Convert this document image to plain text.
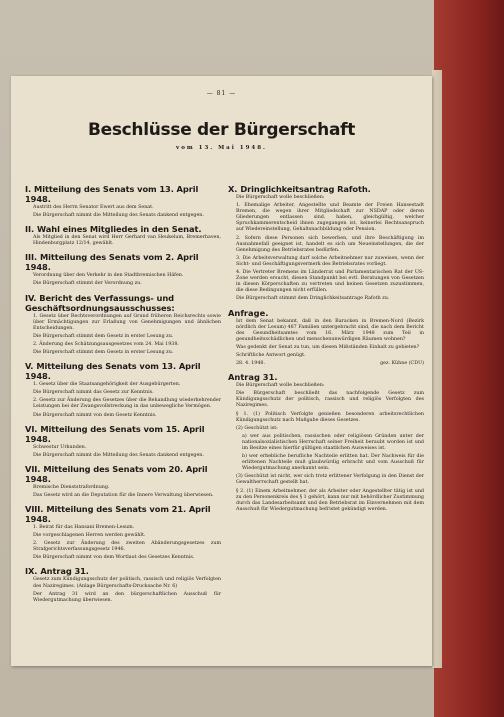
— 81 —
Beschlüsse der Bürgerschaft
vom 13. Mai 1948.
I. Mitteilung des Senats vom 13. April 1948.
Austritt des Herrn Senator Ewert aus dem Senat.
Die Bürgerschaft nimmt die Mitteilung des Senats dankend entgegen.
II. Wahl eines Mitgliedes in den Senat.
Als Mitglied in den Senat wird Herr Gerhard van Heukelum, Bremerhaven, Hindenburgplatz 12/14, gewählt.
III. Mitteilung des Senats vom 2. April 1948.
Verordnung über den Verkehr in den Stadtbremischen Häfen.
Die Bürgerschaft stimmt der Verordnung zu.
IV. Bericht des Verfassungs- und Geschäftsordnungsausschusses:
1. Gesetz über Rechtsverordnungen auf Grund früheren Reichsrechts sowie über Ermächtigungen zur Erlaßung von Genehmigungen und ähnlichen Entscheidungen.
Die Bürgerschaft stimmt dem Gesetz in erster Lesung zu.
2. Änderung des Schätzungsausgesetzes vom 24. Mai 1938.
Die Bürgerschaft stimmt dem Gesetz in erster Lesung zu.
V. Mitteilung des Senats vom 13. April 1948.
1. Gesetz über die Staatsangehörigkeit der Ausgebürgerten.
Die Bürgerschaft nimmt das Gesetz zur Kenntnis.
2. Gesetz zur Änderung des Gesetzes über die Behandlung wiederkehrender Leistungen bei der Zwangsvollstreckung in das unbewegliche Vermögen.
Die Bürgerschaft nimmt von dem Gesetz Kenntnis.
VI. Mitteilung des Senats vom 15. April 1948.
Schwestur Urkunden.
Die Bürgerschaft nimmt die Mitteilung des Senats dankend entgegen.
VII. Mitteilung des Senats vom 20. April 1948.
Bremische Dienststrafordnung.
Das Gesetz wird an die Deputation für die Innere Verwaltung überwiesen.
VIII. Mitteilung des Senats vom 21. April 1948.
1. Beirat für das Hansani Bremen-Lesum.
Die vorgeschlagenen Herren werden gewählt.
2. Gesetz zur Änderung des zweiten Abänderungsgesetzes zum Strafgerichtsverfassungsgesetz 1946.
Die Bürgerschaft nimmt von dem Wortlaut des Gesetzes Kenntnis.
IX. Antrag 31.
Gesetz zum Kündigungsschutz der politisch, rassisch und religiös Verfolgten des Naziregimes. (Anlage Bürgerschafts-Drucksache Nr. 6)
Der Antrag 31 wird an den bürgerschaftlichen Ausschuß für Wiedergutmachung überwiesen.
X. Dringlichkeitsantrag Rafoth.
Die Bürgerschaft wolle beschließen:
1. Ehemalige Arbeiter, Angestellte und Beamte der Freien Hansestadt Bremen, die wegen ihrer Mitgliedschaft zur NSDAP oder deren Gliederungen entlassen sind, haben, gleichgültig, welcher Spruchkammerentscheid ihnen zugegangen ist, keinerlei Rechtsanspruch auf Wiedereinstellung, Gehaltsnachbildung oder Pension.
2. Sofern diese Personen sich bewerben, und ihre Beschäftigung im Ausnahmefall geeignet ist, handelt es sich um Neueinstellungen, die der Genehmigung des Betriebsrates bedürfen.
3. Die Arbeitsverwaltung darf solche Arbeitnehmer nur zuweisen, wenn der Sicht- und Geschäftigungsvermerk des Betriebsrates vorliegt.
4. Die Vertreter Bremens im Länderrat und Parlamentarischen Rat der US-Zone werden ersucht, diesen Standpunkt bei evtl. Beratungen von Gesetzen in diesen Körperschaften zu vertreten und keinen Gesetzen zuzustimmen, die diese Bedingungen nicht erfüllen.
Die Bürgerschaft stimmt dem Dringlichkeitsantrage Rafoth zu.
Anfrage.
Ist dem Senat bekannt, daß in den Baracken in Bremen-Nord (Bezirk nördlich der Lesum) 487 Familien untergebracht sind, die nach dem Bericht des Gesundheitsamtes vom 16. März 1948 zum Teil in gesundheitsschädlichen und menschenunwürdigen Räumen wohnen?
Was gedenkt der Senat zu tun, um diesen Mißständen Einhalt zu gebieten?
Schriftliche Antwort genügt.
28. 4. 1948.	gez. Kühne (CDU)
Antrag 31.
Die Bürgerschaft wolle beschließen:
Die Bürgerschaft beschließt das nachfolgende Gesetz zum Kündigungsschutz der politisch, rassisch und religiös Verfolgten des Naziregimes.
§ 1. (1) Politisch Verfolgte genießen besonderen arbeitsrechtlichen Kündigungsschutz nach Maßgabe dieses Gesetzes.
(2) Geschützt ist:
a) wer aus politischen, rassischen oder religiösen Gründen unter der nationalsozialistischen Herrschaft seiner Freiheit beraubt worden ist und im Besitze eines hierfür gültigen staatlichen Ausweises ist.
b) wer erhebliche berufliche Nachteile erlitten hat. Der Nachweis für die erlittenen Nachteile muß glaubwürdig erbracht und vom Ausschuß für Wiedergutmachung anerkannt sein.
(3) Geschützt ist nicht, wer sich trotz erlittener Verfolgung in den Dienst der Gewaltherrschaft gestellt hat.
§ 2. (1) Einem Arbeitnehmer, der als Arbeiter oder Angestellter tätig ist und zu den Personenkreis des § 1 gehört, kann nur mit behördlicher Zustimmung durch das Landesarbeitsamt und den Betriebsrat im Einvernehmen mit dem Ausschuß für Wiedergutmachung befristet gekündigt werden.
